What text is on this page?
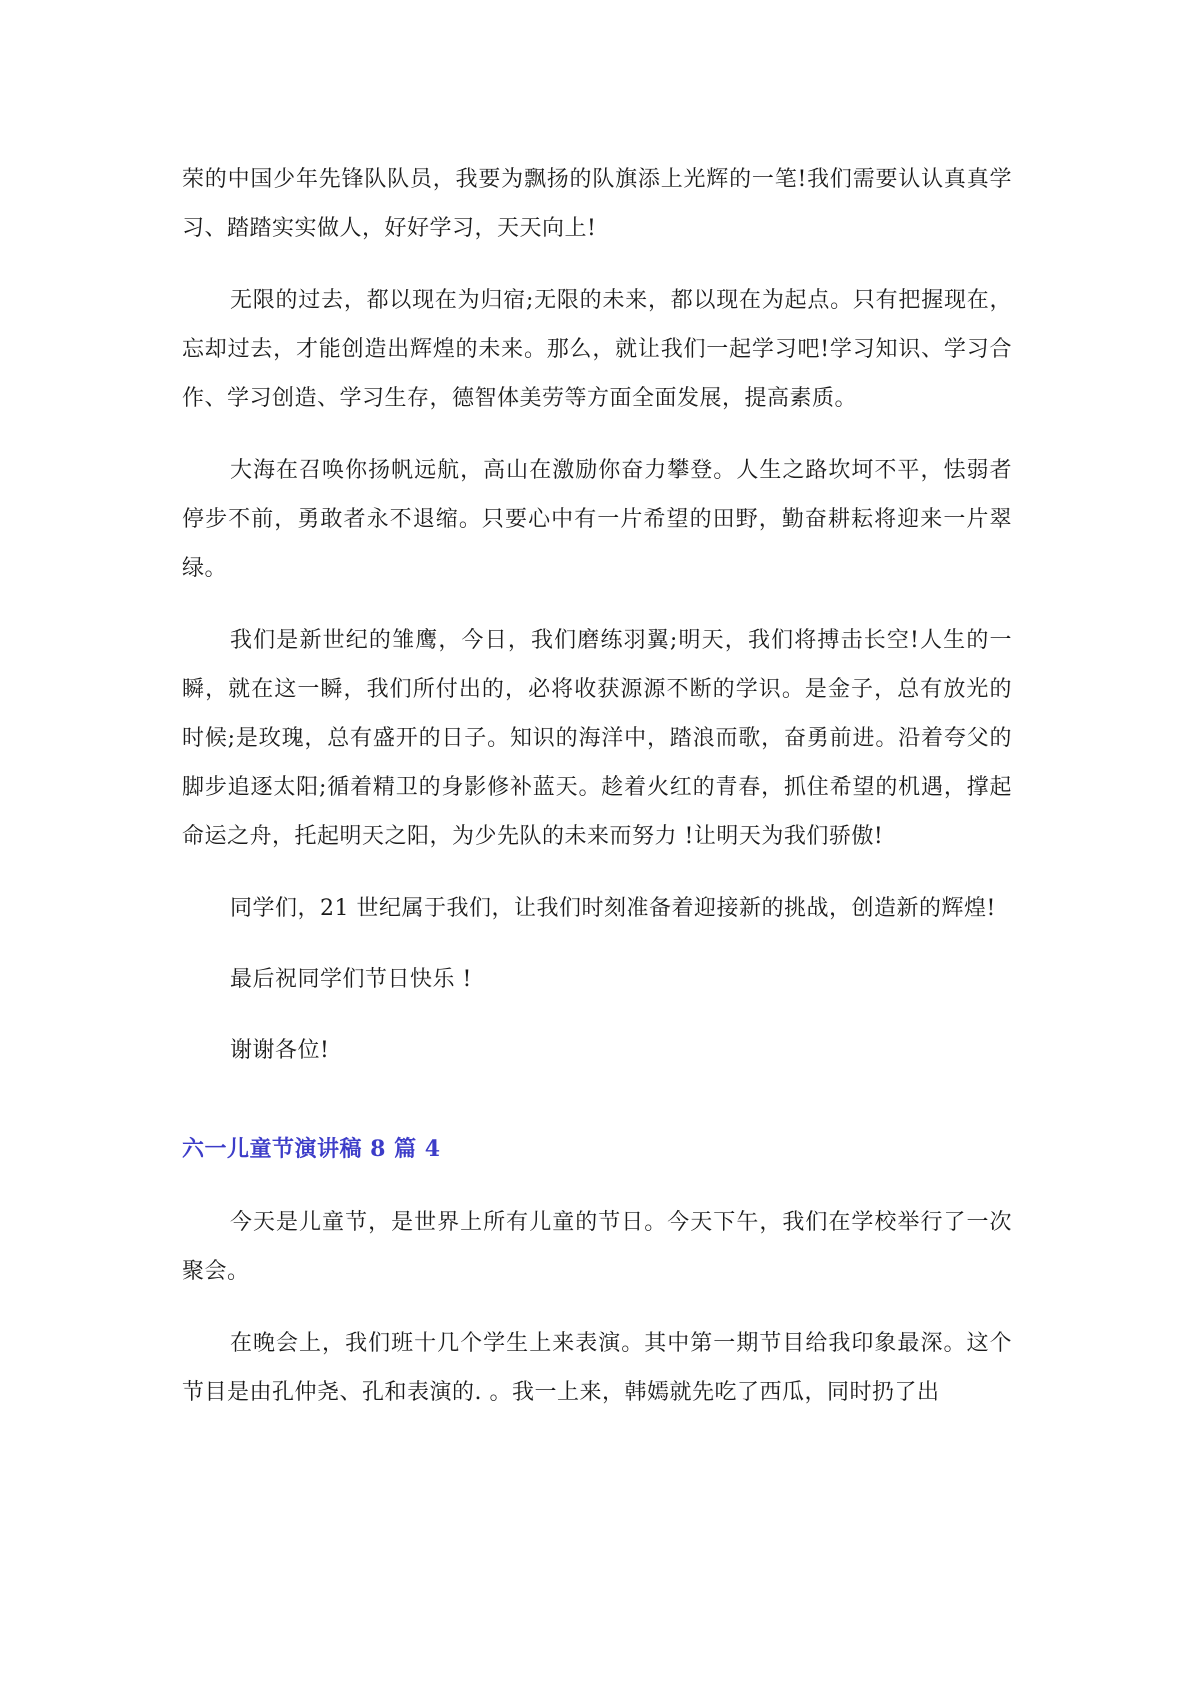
荣的中国少年先锋队队员，我要为飘扬的队旗添上光辉的一笔!我们需要认认真真学习、踏踏实实做人，好好学习，天天向上!

无限的过去，都以现在为归宿;无限的未来，都以现在为起点。只有把握现在，忘却过去，才能创造出辉煌的未来。那么，就让我们一起学习吧!学习知识、学习合作、学习创造、学习生存，德智体美劳等方面全面发展，提高素质。

大海在召唤你扬帆远航，高山在激励你奋力攀登。人生之路坎坷不平，怯弱者停步不前，勇敢者永不退缩。只要心中有一片希望的田野，勤奋耕耘将迎来一片翠绿。

我们是新世纪的雏鹰，今日，我们磨练羽翼;明天，我们将搏击长空!人生的一瞬，就在这一瞬，我们所付出的，必将收获源源不断的学识。是金子，总有放光的时候;是玫瑰，总有盛开的日子。知识的海洋中，踏浪而歌，奋勇前进。沿着夸父的脚步追逐太阳;循着精卫的身影修补蓝天。趁着火红的青春，抓住希望的机遇，撑起命运之舟，托起明天之阳，为少先队的未来而努力 !让明天为我们骄傲!

同学们，21 世纪属于我们，让我们时刻准备着迎接新的挑战，创造新的辉煌!

最后祝同学们节日快乐 !

谢谢各位!

六一儿童节演讲稿 8 篇 4

今天是儿童节，是世界上所有儿童的节日。今天下午，我们在学校举行了一次聚会。

在晚会上，我们班十几个学生上来表演。其中第一期节目给我印象最深。这个节目是由孔仲尧、孔和表演的. 。我一上来，韩嫣就先吃了西瓜，同时扔了出
